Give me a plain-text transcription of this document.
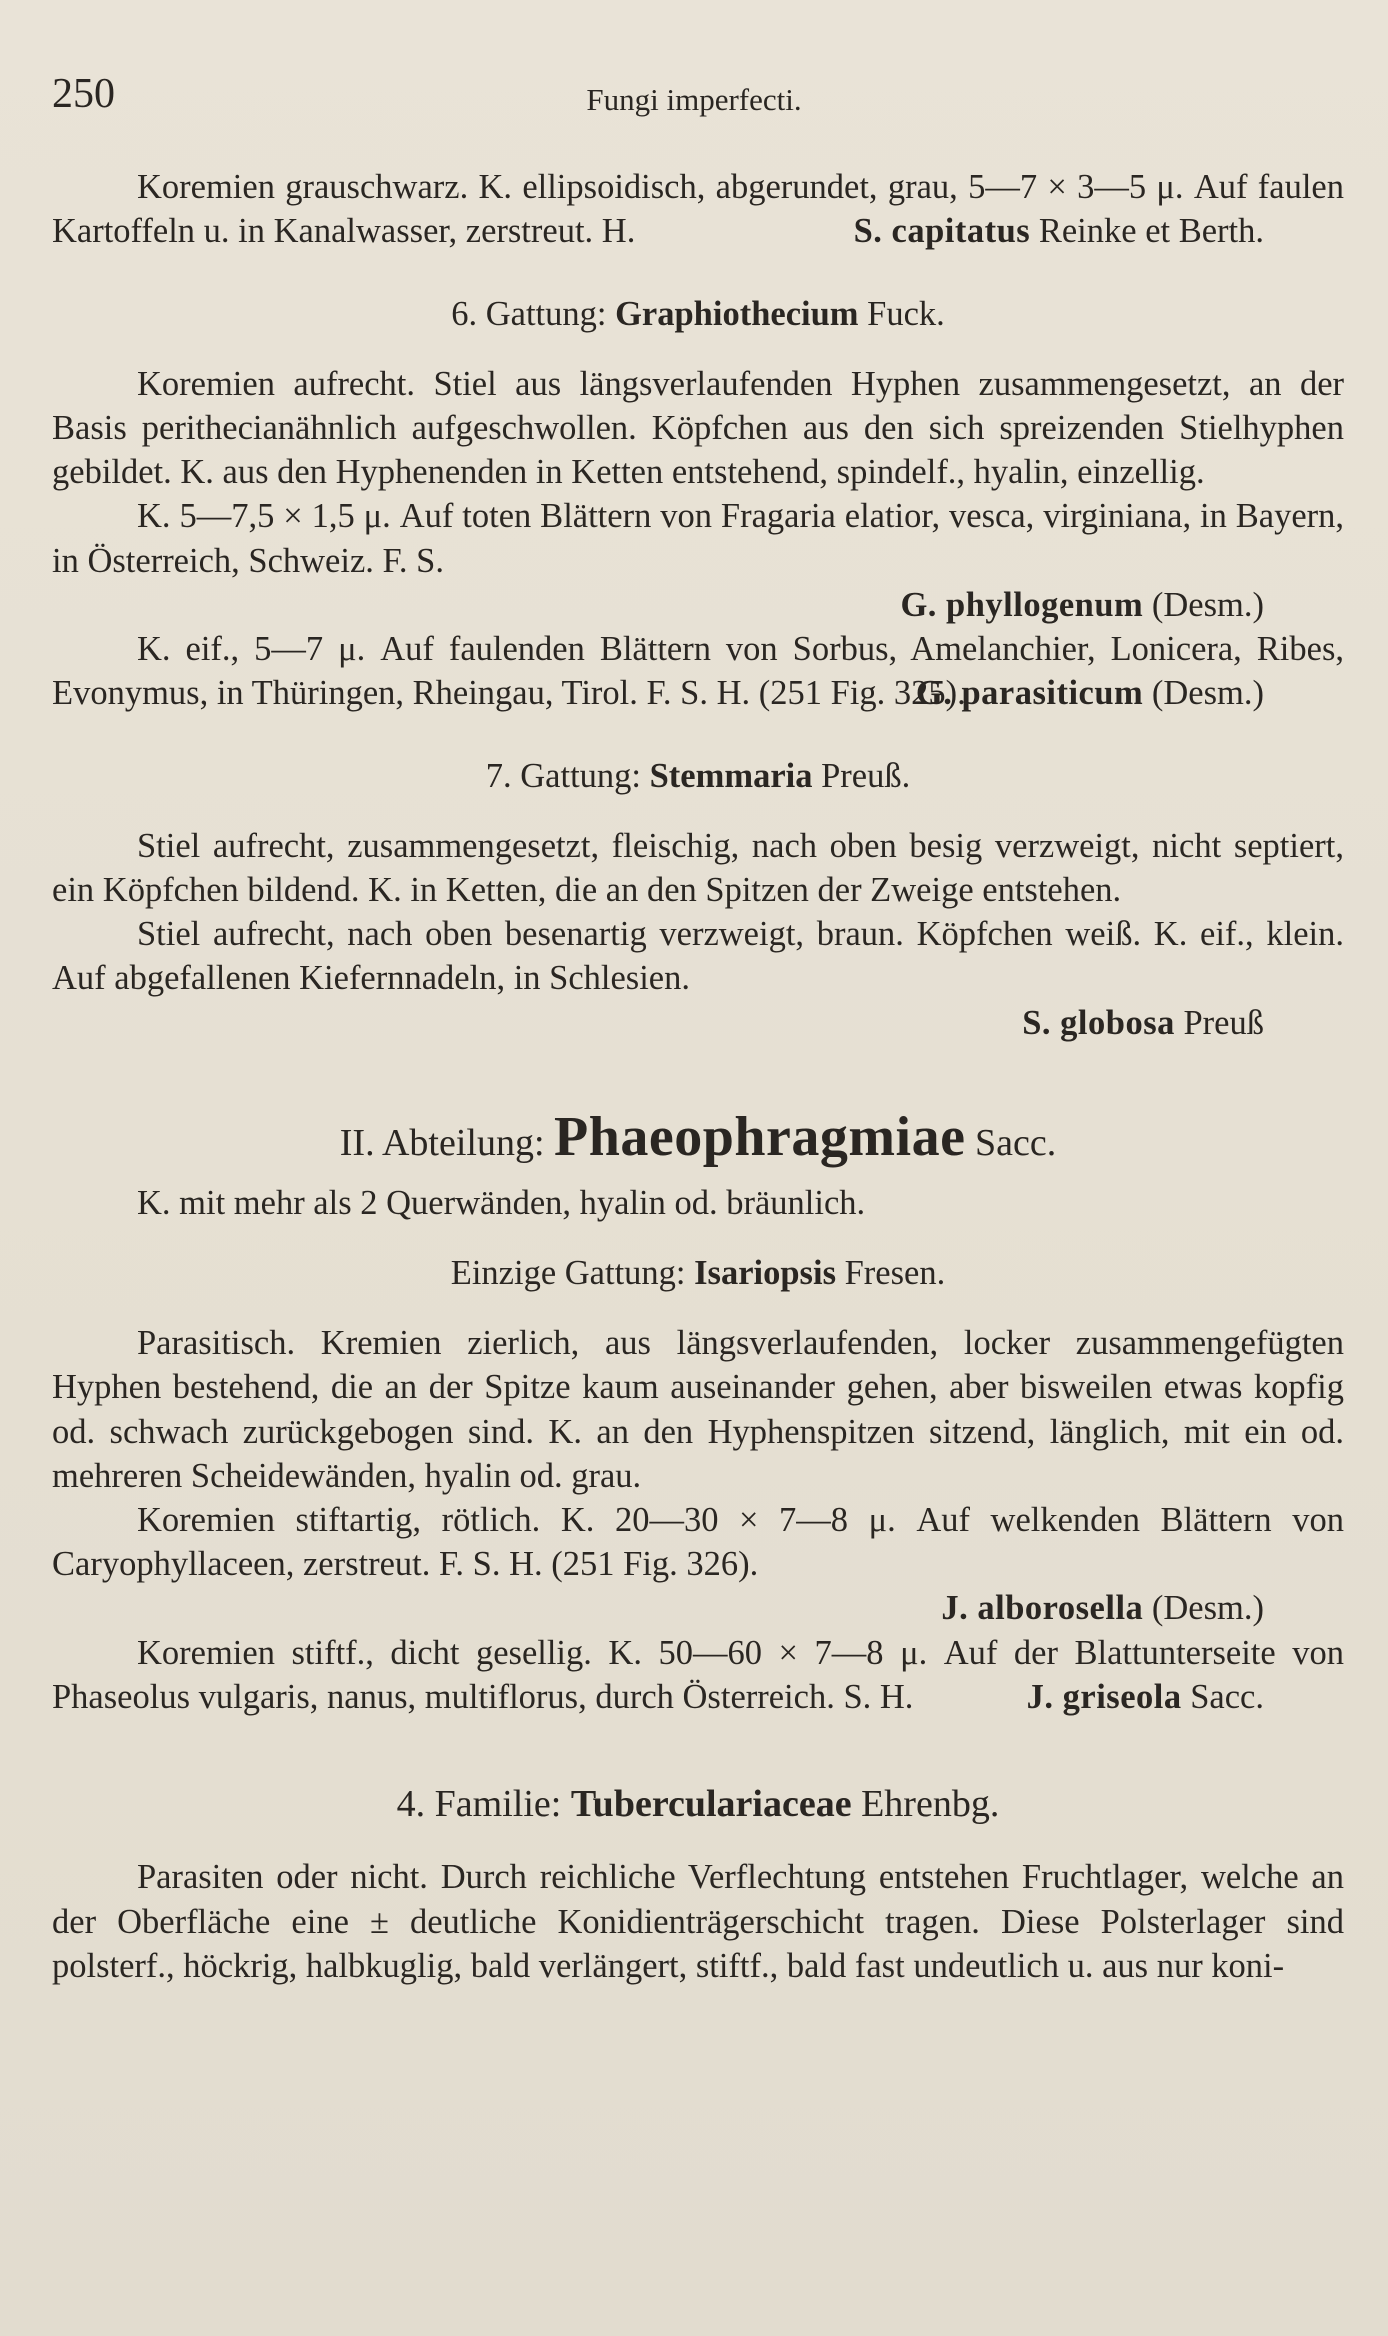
250	Fungi imperfecti.

Koremien grauschwarz. K. ellipsoidisch, abgerundet, grau, 5—7 × 3—5 μ. Auf faulen Kartoffeln u. in Kanalwasser, zerstreut. H.	S. capitatus Reinke et Berth.

6. Gattung: Graphiothecium Fuck.

Koremien aufrecht. Stiel aus längsverlaufenden Hyphen zusammengesetzt, an der Basis perithecianähnlich aufgeschwollen. Köpfchen aus den sich spreizenden Stielhyphen gebildet. K. aus den Hyphenenden in Ketten entstehend, spindelf., hyalin, einzellig.

K. 5—7,5 × 1,5 μ. Auf toten Blättern von Fragaria elatior, vesca, virginiana, in Bayern, in Österreich, Schweiz. F. S.

G. phyllogenum (Desm.)

K. eif., 5—7 μ. Auf faulenden Blättern von Sorbus, Amelanchier, Lonicera, Ribes, Evonymus, in Thüringen, Rheingau, Tirol. F. S. H. (251 Fig. 325).

G. parasiticum (Desm.)

7. Gattung: Stemmaria Preuß.

Stiel aufrecht, zusammengesetzt, fleischig, nach oben besig verzweigt, nicht septiert, ein Köpfchen bildend. K. in Ketten, die an den Spitzen der Zweige entstehen.

Stiel aufrecht, nach oben besenartig verzweigt, braun. Köpfchen weiß. K. eif., klein. Auf abgefallenen Kiefernnadeln, in Schlesien.

S. globosa Preuß

II. Abteilung: Phaeophragmiae Sacc.

K. mit mehr als 2 Querwänden, hyalin od. bräunlich.

Einzige Gattung: Isariopsis Fresen.

Parasitisch. Kremien zierlich, aus längsverlaufenden, locker zusammengefügten Hyphen bestehend, die an der Spitze kaum auseinander gehen, aber bisweilen etwas kopfig od. schwach zurückgebogen sind. K. an den Hyphenspitzen sitzend, länglich, mit ein od. mehreren Scheidewänden, hyalin od. grau.

Koremien stiftartig, rötlich. K. 20—30 × 7—8 μ. Auf welkenden Blättern von Caryophyllaceen, zerstreut. F. S. H. (251 Fig. 326).

J. alborosella (Desm.)

Koremien stiftf., dicht gesellig. K. 50—60 × 7—8 μ. Auf der Blattunterseite von Phaseolus vulgaris, nanus, multiflorus, durch Österreich. S. H.	J. griseola Sacc.

4. Familie: Tuberculariaceae Ehrenbg.

Parasiten oder nicht. Durch reichliche Verflechtung entstehen Fruchtlager, welche an der Oberfläche eine ± deutliche Konidienträgerschicht tragen. Diese Polsterlager sind polsterf., höckrig, halbkuglig, bald verlängert, stiftf., bald fast undeutlich u. aus nur koni-
